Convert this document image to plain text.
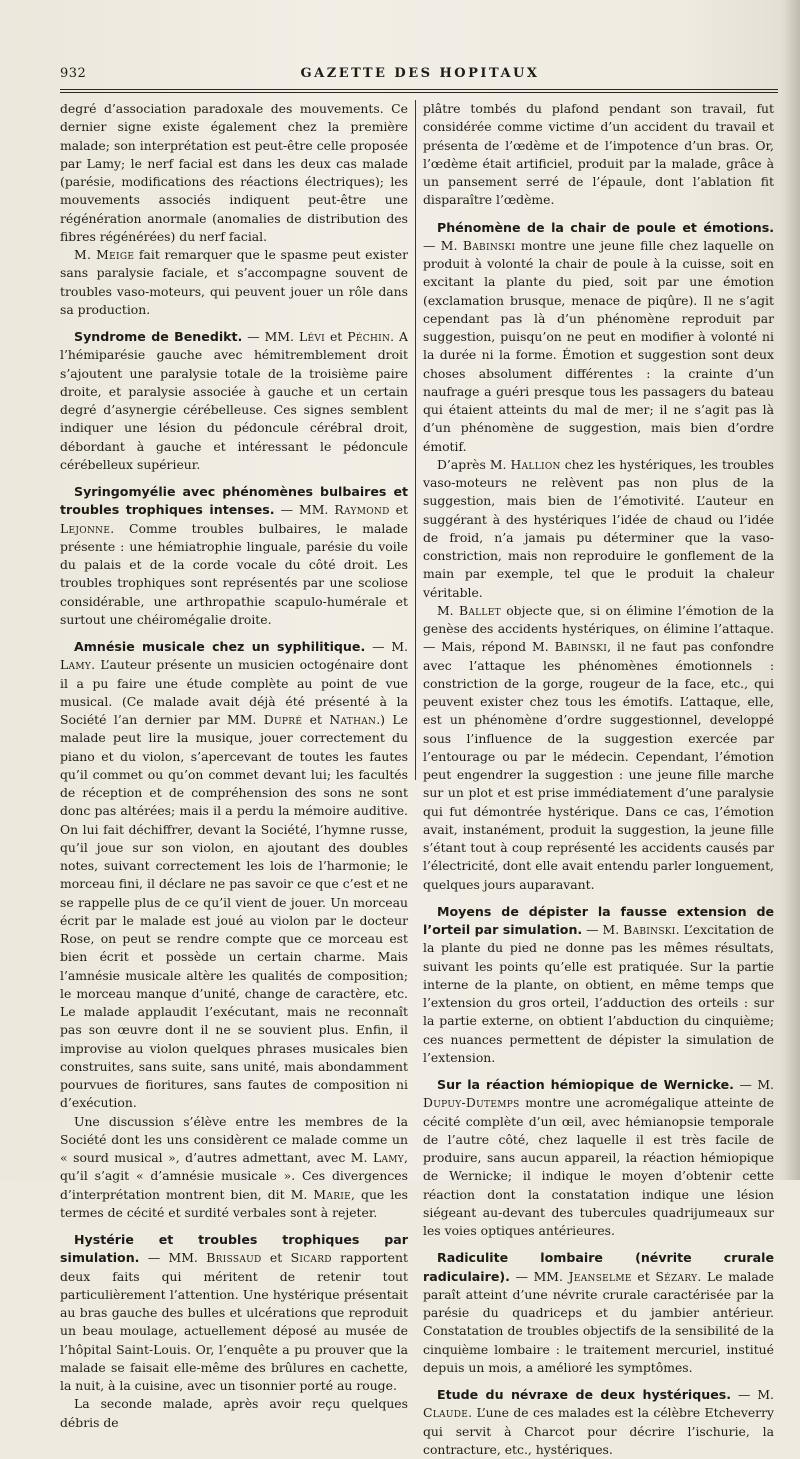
932	GAZETTE DES HOPITAUX

degré d’association paradoxale des mouvements. Ce dernier signe existe également chez la première malade; son interprétation est peut-être celle proposée par Lamy; le nerf facial est dans les deux cas malade (parésie, modifications des réactions électriques); les mouvements associés indiquent peut-être une régénération anormale (anomalies de distribution des fibres régénérées) du nerf facial.

M. Meige fait remarquer que le spasme peut exister sans paralysie faciale, et s’accompagne souvent de troubles vaso-moteurs, qui peuvent jouer un rôle dans sa production.

Syndrome de Benedikt. — MM. Lévi et Péchin. A l’hémiparésie gauche avec hémitremblement droit s’ajoutent une paralysie totale de la troisième paire droite, et paralysie associée à gauche et un certain degré d’asynergie cérébelleuse. Ces signes semblent indiquer une lésion du pédoncule cérébral droit, débordant à gauche et intéressant le pédoncule cérébelleux supérieur.

Syringomyélie avec phénomènes bulbaires et troubles trophiques intenses. — MM. Raymond et Lejonne. Comme troubles bulbaires, le malade présente : une hémiatrophie linguale, parésie du voile du palais et de la corde vocale du côté droit. Les troubles trophiques sont représentés par une scoliose considérable, une arthropathie scapulo-humérale et surtout une chéiromégalie droite.

Amnésie musicale chez un syphilitique. — M. Lamy. L’auteur présente un musicien octogénaire dont il a pu faire une étude complète au point de vue musical. (Ce malade avait déjà été présenté à la Société l’an dernier par MM. Dupré et Nathan.) Le malade peut lire la musique, jouer correctement du piano et du violon, s’apercevant de toutes les fautes qu’il commet ou qu’on commet devant lui; les facultés de réception et de compréhension des sons ne sont donc pas altérées; mais il a perdu la mémoire auditive. On lui fait déchiffrer, devant la Société, l’hymne russe, qu’il joue sur son violon, en ajoutant des doubles notes, suivant correctement les lois de l’harmonie; le morceau fini, il déclare ne pas savoir ce que c’est et ne se rappelle plus de ce qu’il vient de jouer. Un morceau écrit par le malade est joué au violon par le docteur Rose, on peut se rendre compte que ce morceau est bien écrit et possède un certain charme. Mais l’amnésie musicale altère les qualités de composition; le morceau manque d’unité, change de caractère, etc. Le malade applaudit l’exécutant, mais ne reconnaît pas son œuvre dont il ne se souvient plus. Enfin, il improvise au violon quelques phrases musicales bien construites, sans suite, sans unité, mais abondamment pourvues de fioritures, sans fautes de composition ni d’exécution.

Une discussion s’élève entre les membres de la Société dont les uns considèrent ce malade comme un « sourd musical », d’autres admettant, avec M. Lamy, qu’il s’agit « d’amnésie musicale ». Ces divergences d’interprétation montrent bien, dit M. Marie, que les termes de cécité et surdité verbales sont à rejeter.

Hystérie et troubles trophiques par simulation. — MM. Brissaud et Sicard rapportent deux faits qui méritent de retenir tout particulièrement l’attention. Une hystérique présentait au bras gauche des bulles et ulcérations que reproduit un beau moulage, actuellement déposé au musée de l’hôpital Saint-Louis. Or, l’enquête a pu prouver que la malade se faisait elle-même des brûlures en cachette, la nuit, à la cuisine, avec un tisonnier porté au rouge.

La seconde malade, après avoir reçu quelques débris de

plâtre tombés du plafond pendant son travail, fut considérée comme victime d’un accident du travail et présenta de l’œdème et de l’impotence d’un bras. Or, l’œdème était artificiel, produit par la malade, grâce à un pansement serré de l’épaule, dont l’ablation fit disparaître l’œdème.

Phénomène de la chair de poule et émotions. — M. Babinski montre une jeune fille chez laquelle on produit à volonté la chair de poule à la cuisse, soit en excitant la plante du pied, soit par une émotion (exclamation brusque, menace de piqûre). Il ne s’agit cependant pas là d’un phénomène reproduit par suggestion, puisqu’on ne peut en modifier à volonté ni la durée ni la forme. Émotion et suggestion sont deux choses absolument différentes : la crainte d’un naufrage a guéri presque tous les passagers du bateau qui étaient atteints du mal de mer; il ne s’agit pas là d’un phénomène de suggestion, mais bien d’ordre émotif.

D’après M. Hallion chez les hystériques, les troubles vaso-moteurs ne relèvent pas non plus de la suggestion, mais bien de l’émotivité. L’auteur en suggérant à des hystériques l’idée de chaud ou l’idée de froid, n’a jamais pu déterminer que la vaso-constriction, mais non reproduire le gonflement de la main par exemple, tel que le produit la chaleur véritable.

M. Ballet objecte que, si on élimine l’émotion de la genèse des accidents hystériques, on élimine l’attaque. — Mais, répond M. Babinski, il ne faut pas confondre avec l’attaque les phénomènes émotionnels : constriction de la gorge, rougeur de la face, etc., qui peuvent exister chez tous les émotifs. L’attaque, elle, est un phénomène d’ordre suggestionnel, developpé sous l’influence de la suggestion exercée par l’entourage ou par le médecin. Cependant, l’émotion peut engendrer la suggestion : une jeune fille marche sur un plot et est prise immédiatement d’une paralysie qui fut démontrée hystérique. Dans ce cas, l’émotion avait, instanément, produit la suggestion, la jeune fille s’étant tout à coup représenté les accidents causés par l’électricité, dont elle avait entendu parler longuement, quelques jours auparavant.

Moyens de dépister la fausse extension de l’orteil par simulation. — M. Babinski. L’excitation de la plante du pied ne donne pas les mêmes résultats, suivant les points qu’elle est pratiquée. Sur la partie interne de la plante, on obtient, en même temps que l’extension du gros orteil, l’adduction des orteils : sur la partie externe, on obtient l’abduction du cinquième; ces nuances permettent de dépister la simulation de l’extension.

Sur la réaction hémiopique de Wernicke. — M. Dupuy-Dutemps montre une acromégalique atteinte de cécité complète d’un œil, avec hémianopsie temporale de l’autre côté, chez laquelle il est très facile de produire, sans aucun appareil, la réaction hémiopique de Wernicke; il indique le moyen d’obtenir cette réaction dont la constatation indique une lésion siégeant au-devant des tubercules quadrijumeaux sur les voies optiques antérieures.

Radiculite lombaire (névrite crurale radiculaire). — MM. Jeanselme et Sézary. Le malade paraît atteint d’une névrite crurale caractérisée par la parésie du quadriceps et du jambier antérieur. Constatation de troubles objectifs de la sensibilité de la cinquième lombaire : le traitement mercuriel, institué depuis un mois, a amélioré les symptômes.

Etude du névraxe de deux hystériques. — M. Claude. L’une de ces malades est la célèbre Etcheverry qui servit à Charcot pour décrire l’ischurie, la contracture, etc., hystériques.
